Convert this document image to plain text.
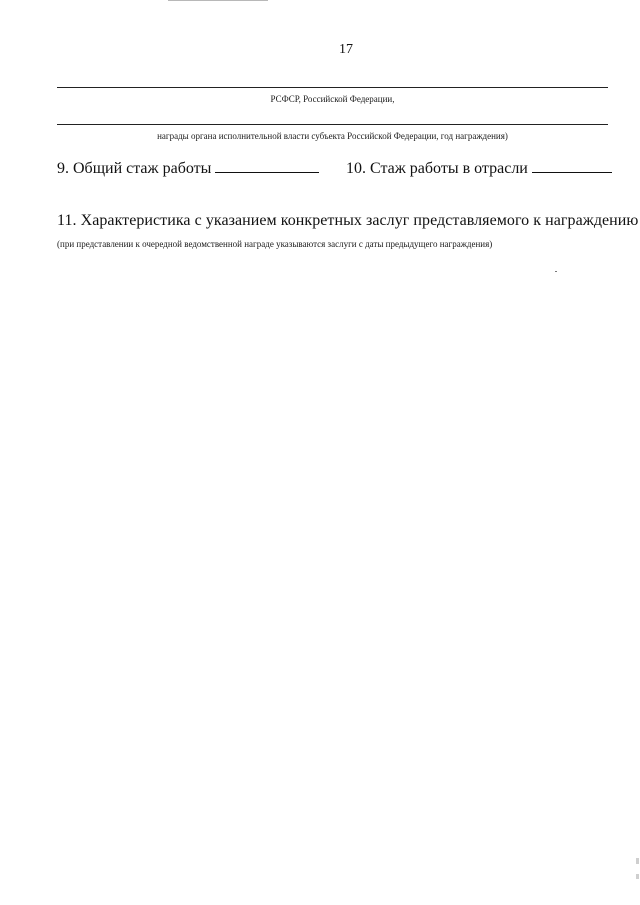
17
РСФСР, Российской Федерации,
награды органа исполнительной власти субъекта Российской Федерации, год награждения)
9. Общий стаж работы	10. Стаж работы в отрасли
11. Характеристика с указанием конкретных заслуг представляемого к награждению
(при представлении к очередной ведомственной награде указываются заслуги с даты предыдущего награждения)
